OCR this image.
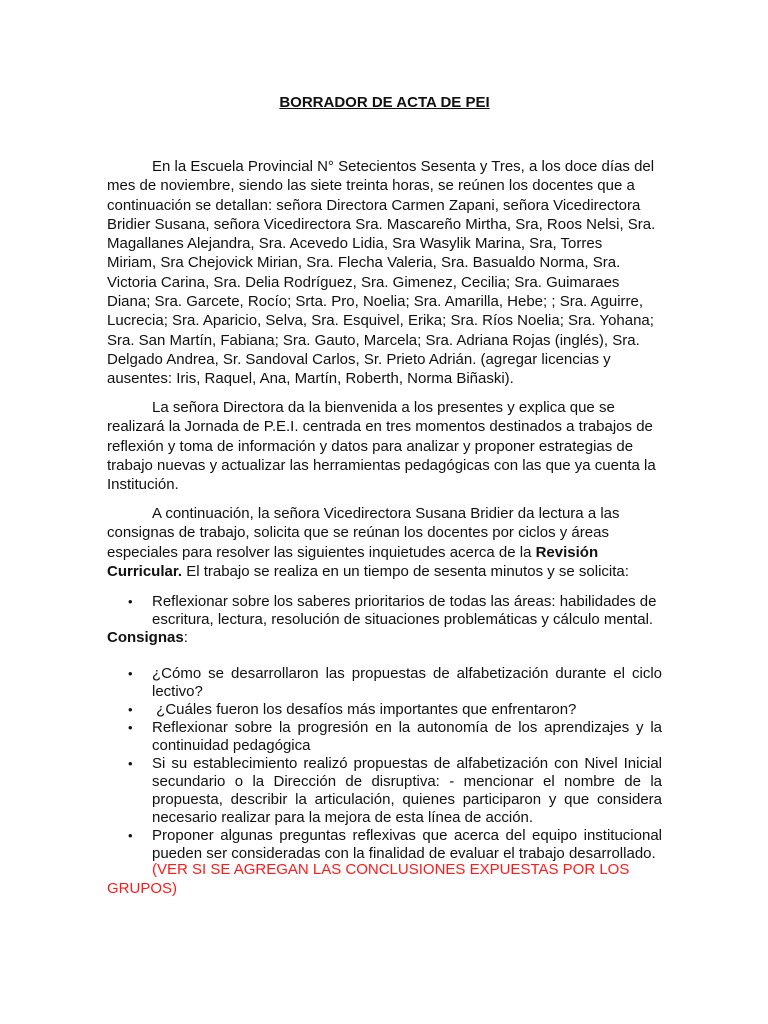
BORRADOR DE ACTA DE PEI
En la Escuela Provincial N° Setecientos Sesenta y Tres, a los doce días del
mes de noviembre, siendo las siete treinta horas, se reúnen los docentes que a
continuación se detallan: señora Directora Carmen Zapani, señora Vicedirectora
Bridier Susana, señora Vicedirectora Sra. Mascareño Mirtha, Sra, Roos Nelsi, Sra.
Magallanes Alejandra, Sra. Acevedo Lidia, Sra Wasylik Marina, Sra, Torres
Miriam, Sra Chejovick Mirian, Sra. Flecha Valeria, Sra. Basualdo Norma, Sra.
Victoria Carina, Sra. Delia Rodríguez, Sra. Gimenez, Cecilia; Sra. Guimaraes
Diana; Sra. Garcete, Rocío; Srta. Pro, Noelia; Sra. Amarilla, Hebe; ; Sra. Aguirre,
Lucrecia; Sra. Aparicio, Selva, Sra. Esquivel, Erika; Sra. Ríos Noelia; Sra. Yohana;
Sra. San Martín, Fabiana; Sra. Gauto, Marcela; Sra. Adriana Rojas (inglés), Sra.
Delgado Andrea, Sr. Sandoval Carlos, Sr. Prieto Adrián. (agregar licencias y
ausentes: Iris, Raquel, Ana, Martín, Roberth, Norma Biñaski).
La señora Directora da la bienvenida a los presentes y explica que se
realizará la Jornada de P.E.I. centrada en tres momentos destinados a trabajos de
reflexión y toma de información y datos para analizar y proponer estrategias de
trabajo nuevas y actualizar las herramientas pedagógicas con las que ya cuenta la
Institución.
A continuación, la señora Vicedirectora Susana Bridier da lectura a las
consignas de trabajo, solicita que se reúnan los docentes por ciclos y áreas
especiales para resolver las siguientes inquietudes acerca de la Revisión
Curricular. El trabajo se realiza en un tiempo de sesenta minutos y se solicita:
• Reflexionar sobre los saberes prioritarios de todas las áreas: habilidades de
escritura, lectura, resolución de situaciones problemáticas y cálculo mental.
Consignas:
• ¿Cómo se desarrollaron las propuestas de alfabetización durante el ciclo
lectivo?
• ¿Cuáles fueron los desafíos más importantes que enfrentaron?
• Reflexionar sobre la progresión en la autonomía de los aprendizajes y la
continuidad pedagógica
• Si su establecimiento realizó propuestas de alfabetización con Nivel Inicial
secundario o la Dirección de disruptiva: - mencionar el nombre de la
propuesta, describir la articulación, quienes participaron y que considera
necesario realizar para la mejora de esta línea de acción.
• Proponer algunas preguntas reflexivas que acerca del equipo institucional
pueden ser consideradas con la finalidad de evaluar el trabajo desarrollado.
(VER SI SE AGREGAN LAS CONCLUSIONES EXPUESTAS POR LOS
GRUPOS)
